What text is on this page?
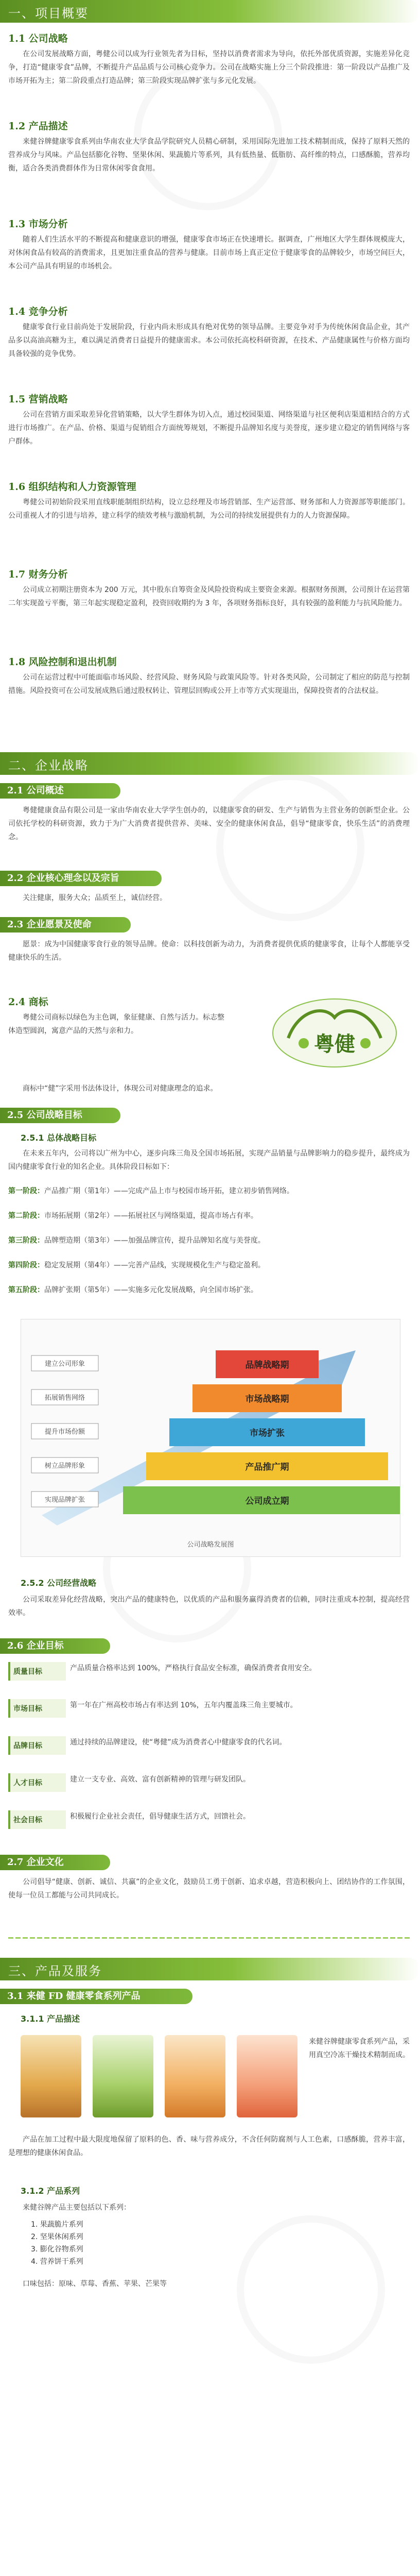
一、项目概要
1.1 公司战略
在公司发展战略方面，粤健公司以成为行业领先者为目标，坚持以消费者需求为导向，依托外部优质资源，实施差异化竞争，打造“健康零食”品牌，不断提升产品品质与公司核心竞争力。公司在战略实施上分三个阶段推进：第一阶段以产品推广及市场开拓为主；第二阶段重点打造品牌；第三阶段实现品牌扩张与多元化发展。
1.2 产品描述
来健谷牌健康零食系列由华南农业大学食品学院研究人员精心研制，采用国际先进加工技术精制而成，保持了原料天然的营养成分与风味。产品包括膨化谷物、坚果休闲、果蔬脆片等系列，具有低热量、低脂肪、高纤维的特点，口感酥脆，营养均衡，适合各类消费群体作为日常休闲零食食用。
1.3 市场分析
随着人们生活水平的不断提高和健康意识的增强，健康零食市场正在快速增长。据调查，广州地区大学生群体规模庞大，对休闲食品有较高的消费需求，且更加注重食品的营养与健康。目前市场上真正定位于健康零食的品牌较少，市场空间巨大，本公司产品具有明显的市场机会。
1.4 竞争分析
健康零食行业目前尚处于发展阶段，行业内尚未形成具有绝对优势的领导品牌。主要竞争对手为传统休闲食品企业，其产品多以高油高糖为主，难以满足消费者日益提升的健康需求。本公司依托高校科研资源，在技术、产品健康属性与价格方面均具备较强的竞争优势。
1.5 营销战略
公司在营销方面采取差异化营销策略，以大学生群体为切入点，通过校园渠道、网络渠道与社区便利店渠道相结合的方式进行市场推广。在产品、价格、渠道与促销组合方面统筹规划，不断提升品牌知名度与美誉度，逐步建立稳定的销售网络与客户群体。
1.6 组织结构和人力资源管理
粤健公司初始阶段采用直线职能制组织结构，设立总经理及市场营销部、生产运营部、财务部和人力资源部等职能部门。公司重视人才的引进与培养，建立科学的绩效考核与激励机制，为公司的持续发展提供有力的人力资源保障。
1.7 财务分析
公司成立初期注册资本为 200 万元，其中股东自筹资金及风险投资构成主要资金来源。根据财务预测，公司预计在运营第二年实现盈亏平衡，第三年起实现稳定盈利，投资回收期约为 3 年，各项财务指标良好，具有较强的盈利能力与抗风险能力。
1.8 风险控制和退出机制
公司在运营过程中可能面临市场风险、经营风险、财务风险与政策风险等。针对各类风险，公司制定了相应的防范与控制措施。风险投资可在公司发展成熟后通过股权转让、管理层回购或公开上市等方式实现退出，保障投资者的合法权益。
二、企业战略
2.1 公司概述
粤健健康食品有限公司是一家由华南农业大学学生创办的，以健康零食的研发、生产与销售为主营业务的创新型企业。公司依托学校的科研资源，致力于为广大消费者提供营养、美味、安全的健康休闲食品，倡导“健康零食，快乐生活”的消费理念。
2.2 企业核心理念以及宗旨
关注健康，服务大众；品质至上，诚信经营。
2.3 企业愿景及使命
愿景：成为中国健康零食行业的领导品牌。使命：以科技创新为动力，为消费者提供优质的健康零食，让每个人都能享受健康快乐的生活。
2.4 商标
粤健公司商标以绿色为主色调，象征健康、自然与活力。标志整体造型圆润，寓意产品的天然与亲和力。
粤健
商标中“健”字采用书法体设计，体现公司对健康理念的追求。
2.5 公司战略目标
2.5.1 总体战略目标
在未来五年内，公司将以广州为中心，逐步向珠三角及全国市场拓展，实现产品销量与品牌影响力的稳步提升，最终成为国内健康零食行业的知名企业。具体阶段目标如下：
第一阶段：产品推广期（第1年）——完成产品上市与校园市场开拓，建立初步销售网络。
第二阶段：市场拓展期（第2年）——拓展社区与网络渠道，提高市场占有率。
第三阶段：品牌塑造期（第3年）——加强品牌宣传，提升品牌知名度与美誉度。
第四阶段：稳定发展期（第4年）——完善产品线，实现规模化生产与稳定盈利。
第五阶段：品牌扩张期（第5年）——实施多元化发展战略，向全国市场扩张。
品牌战略期
建立公司形象
市场战略期
拓展销售网络
市场扩张
提升市场份额
产品推广期
树立品牌形象
公司成立期
实现品牌扩张
公司战略发展图
2.5.2 公司经营战略
公司采取差异化经营战略，突出产品的健康特色，以优质的产品和服务赢得消费者的信赖，同时注重成本控制，提高经营效率。
2.6 企业目标
质量目标	产品质量合格率达到 100%，严格执行食品安全标准，确保消费者食用安全。
市场目标	第一年在广州高校市场占有率达到 10%，五年内覆盖珠三角主要城市。
品牌目标	通过持续的品牌建设，使“粤健”成为消费者心中健康零食的代名词。
人才目标	建立一支专业、高效、富有创新精神的管理与研发团队。
社会目标	积极履行企业社会责任，倡导健康生活方式，回馈社会。
2.7 企业文化
公司倡导“健康、创新、诚信、共赢”的企业文化，鼓励员工勇于创新、追求卓越，营造积极向上、团结协作的工作氛围，使每一位员工都能与公司共同成长。
三、产品及服务
3.1 来健 FD 健康零食系列产品
3.1.1 产品描述
来健谷牌健康零食系列产品，采用真空冷冻干燥技术精制而成。
产品在加工过程中最大限度地保留了原料的色、香、味与营养成分，不含任何防腐剂与人工色素，口感酥脆，营养丰富，是理想的健康休闲食品。
3.1.2 产品系列
来健谷牌产品主要包括以下系列：
1. 果蔬脆片系列
2. 坚果休闲系列
3. 膨化谷物系列
4. 营养饼干系列
口味包括：原味、草莓、香蕉、苹果、芒果等
